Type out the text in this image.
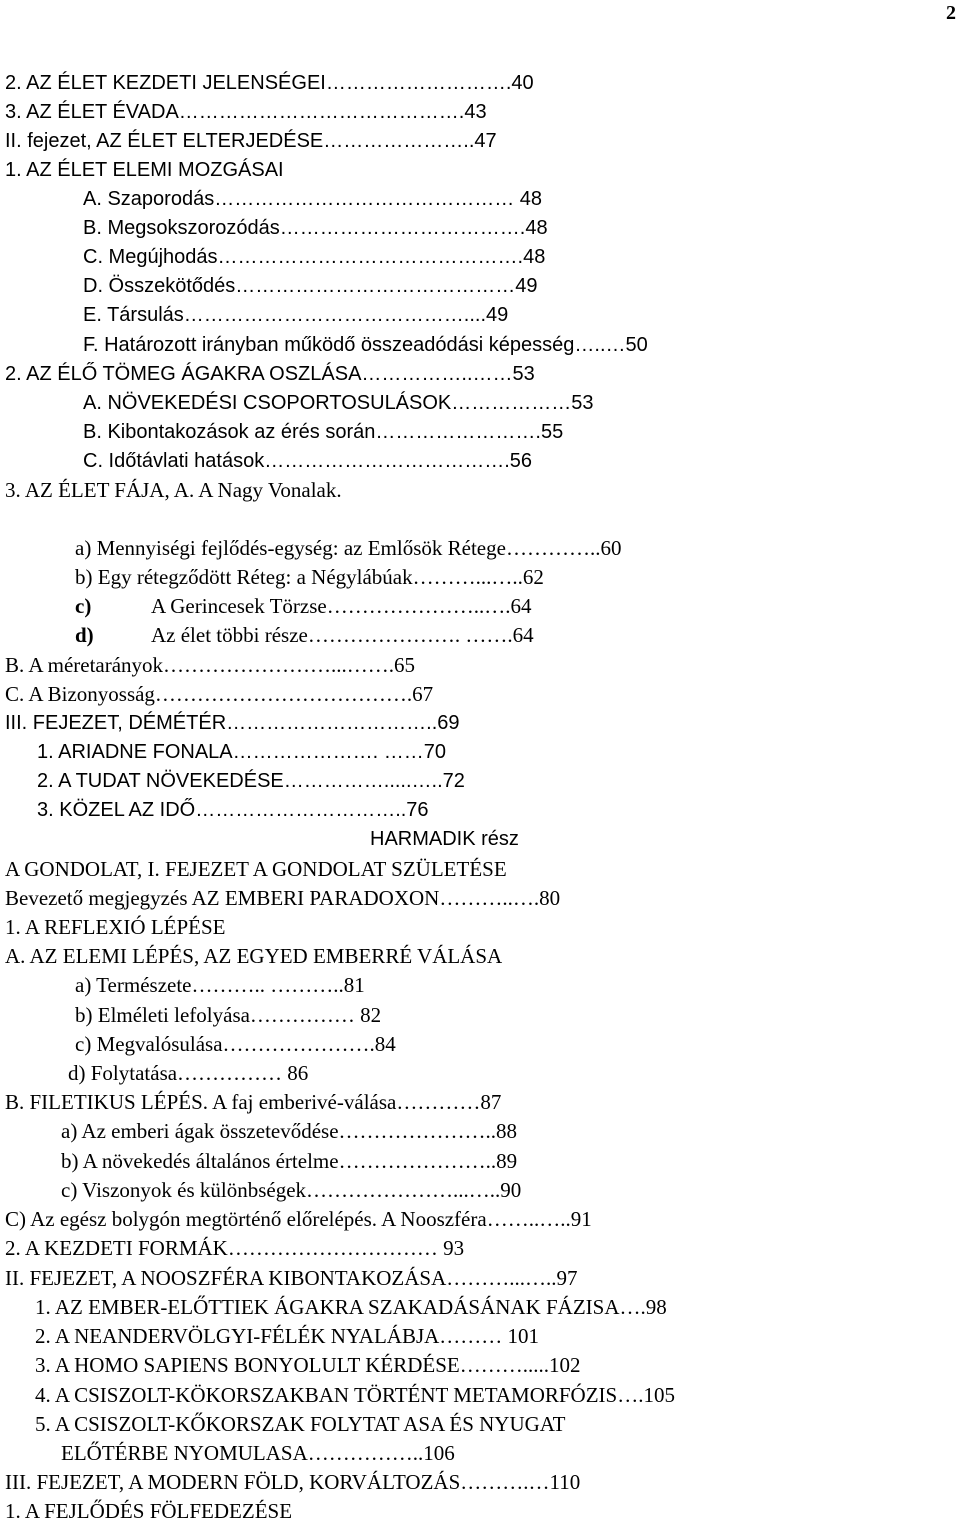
2
2. AZ ÉLET KEZDETI JELENSÉGEI……………………….40
3. AZ ÉLET ÉVADA…………………………………….43
II. fejezet, AZ ÉLET ELTERJEDÉSE…………………..47
1. AZ ÉLET ELEMI MOZGÁSAI
A. Szaporodás……………………………………… 48
B. Megsokszorozódás……………………………….48
C. Megújhodás……………………………………….48
D. Összekötődés……………………………………49
E. Társulás……………………………………....49
F. Határozott irányban működő összeadódási képesség…..…50
2. AZ ÉLŐ TÖMEG ÁGAKRA OSZLÁSA……………..……53
A. NÖVEKEDÉSI CSOPORTOSULÁSOK………………53
B. Kibontakozások az érés során…………………….55
C. Időtávlati hatások……………………………….56
3. AZ ÉLET FÁJA, A. A Nagy Vonalak.
a) Mennyiségi fejlődés-egység: az Emlősök Rétege…………..60
b) Egy rétegződött Réteg: a Négylábúak………...…..62
c)	A Gerincesek Törzse…………………..….64
d)	Az élet többi része…………………. …….64
B. A méretarányok……………………...…….65
C. A Bizonyosság……………………………….67
III. FEJEZET, DÉMÉTÉR…………………………..69
1. ARIADNE FONALA…………………. ……70
2. A TUDAT NÖVEKEDÉSE…………….....…..72
3. KÖZEL AZ IDŐ…………………………..76
HARMADIK rész
A GONDOLAT, I. FEJEZET A GONDOLAT SZÜLETÉSE
Bevezető megjegyzés AZ EMBERI PARADOXON………..….80
1. A REFLEXIÓ LÉPÉSE
A. AZ ELEMI LÉPÉS, AZ EGYED EMBERRÉ VÁLÁSA
a) Természete……….. ………..81
b) Elméleti lefolyása…………… 82
c) Megvalósulása………………….84
d) Folytatása…………… 86
B. FILETIKUS LÉPÉS. A faj emberivé-válása…………87
a) Az emberi ágak összetevődése…………………..88
b) A növekedés általános értelme…………………..89
c) Viszonyok és különbségek…………………...…..90
C) Az egész bolygón megtörténő előrelépés. A Nooszféra……..…..91
2. A KEZDETI FORMÁK………………………… 93
II. FEJEZET, A NOOSZFÉRA KIBONTAKOZÁSA………...…..97
1. AZ EMBER-ELŐTTIEK ÁGAKRA SZAKADÁSÁNAK FÁZISA….98
2. A NEANDERVÖLGYI-FÉLÉK NYALÁBJA……… 101
3. A HOMO SAPIENS BONYOLULT KÉRDÉSE……….....102
4. A CSISZOLT-KÖKORSZAKBAN TÖRTÉNT METAMORFÓZIS….105
5. A CSISZOLT-KŐKORSZAK FOLYTAT ASA ÉS NYUGAT
ELŐTÉRBE NYOMULASA……………..106
III. FEJEZET, A MODERN FÖLD, KORVÁLTOZÁS……….…110
1. A FEJLŐDÉS FÖLFEDEZÉSE
